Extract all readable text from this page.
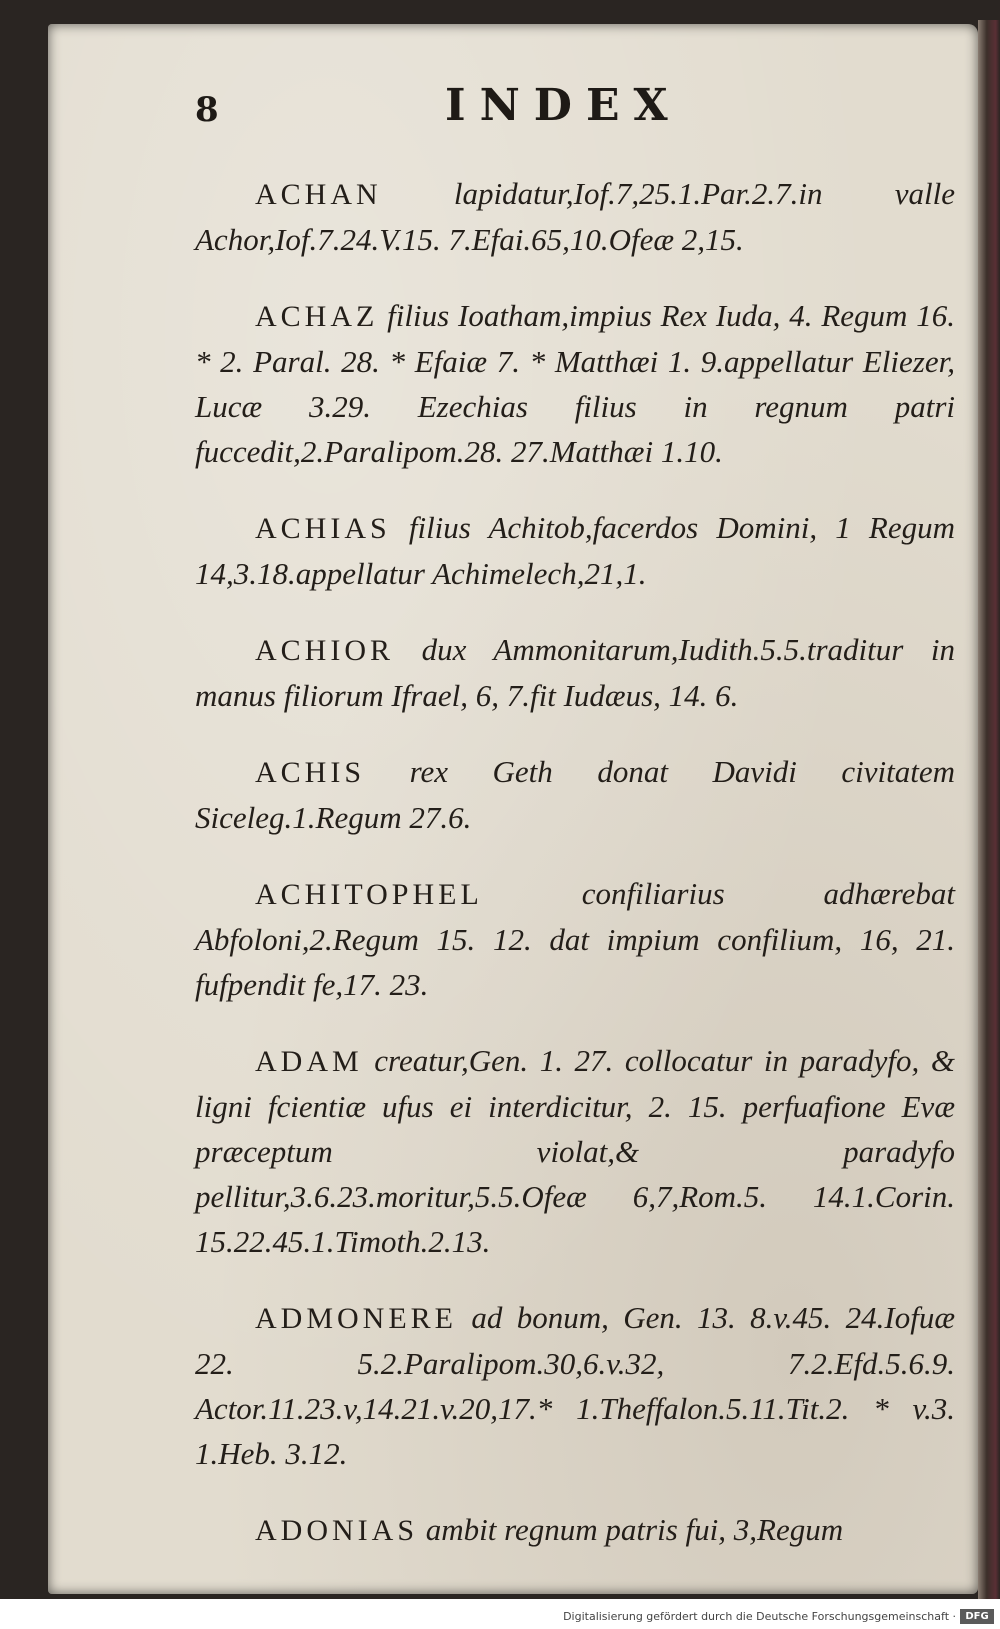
8	INDEX

ACHAN lapidatur,Iof.7,25.1.Par.2.7.in valle Achor,Iof.7.24.V.15. 7.Efai.65,10.Ofeæ 2,15.

ACHAZ filius Ioatham,impius Rex Iuda, 4. Regum 16. * 2. Paral. 28. * Efaiæ 7. * Matthæi 1. 9.appellatur Eliezer, Lucæ 3.29. Ezechias filius in regnum patri fuccedit,2.Paralipom.28. 27.Matthæi 1.10.

ACHIAS filius Achitob,facerdos Domini, 1 Regum 14,3.18.appellatur Achimelech,21,1.

ACHIOR dux Ammonitarum,Iudith.5.5.traditur in manus filiorum Ifrael, 6, 7.fit Iudæus, 14. 6.

ACHIS rex Geth donat Davidi civitatem Siceleg.1.Regum 27.6.

ACHITOPHEL	confiliarius adhærebat Abfoloni,2.Regum 15. 12. dat impium confilium, 16, 21. fufpendit fe,17. 23.

ADAM creatur,Gen. 1. 27. collocatur in paradyfo, & ligni fcientiæ ufus ei interdicitur, 2. 15. perfuafione Evæ præceptum violat,& paradyfo pellitur,3.6.23.moritur,5.5.Ofeæ 6,7,Rom.5. 14.1.Corin. 15.22.45.1.Timoth.2.13.

ADMONERE ad bonum, Gen. 13. 8.v.45. 24.Iofuæ 22. 5.2.Paralipom.30,6.v.32, 7.2.Efd.5.6.9. Actor.11.23.v,14.21.v.20,17.* 1.Theffalon.5.11.Tit.2. * v.3. 1.Heb. 3.12.

ADONIAS ambit regnum patris fui, 3,Regum

Digitalisierung gefördert durch die Deutsche Forschungsgemeinschaft · DFG
